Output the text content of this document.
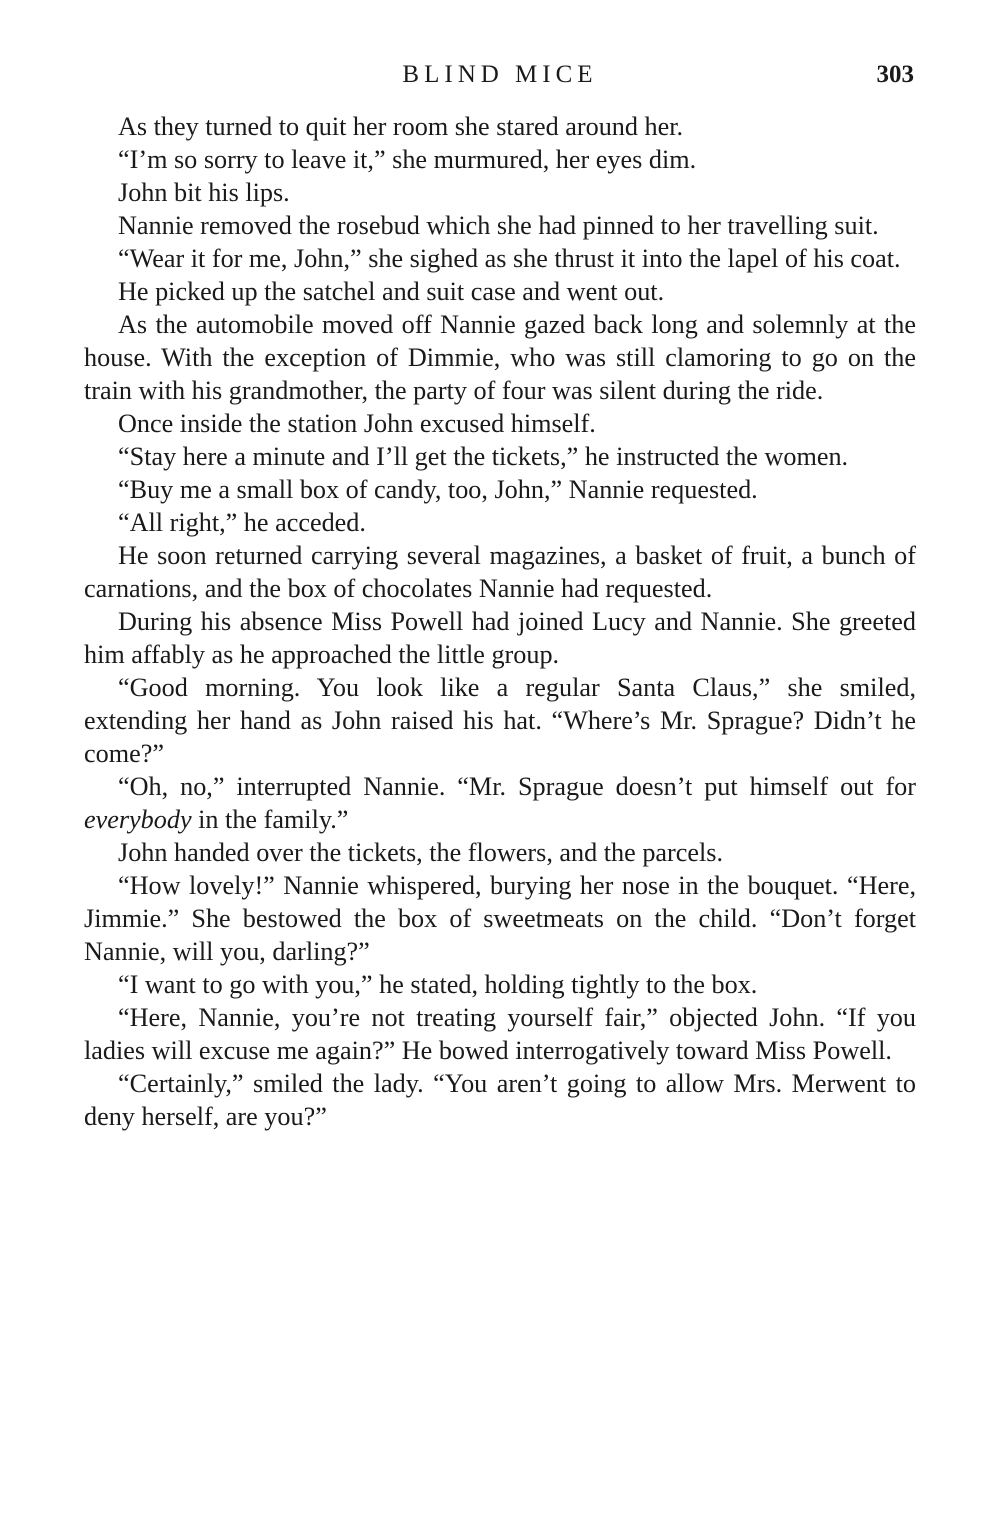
BLIND MICE	303

As they turned to quit her room she stared around her.

“I’m so sorry to leave it,” she murmured, her eyes dim.

John bit his lips.

Nannie removed the rosebud which she had pinned to her travelling suit.

“Wear it for me, John,” she sighed as she thrust it into the lapel of his coat.

He picked up the satchel and suit case and went out.

As the automobile moved off Nannie gazed back long and solemnly at the house. With the exception of Dimmie, who was still clamoring to go on the train with his grandmother, the party of four was silent during the ride.

Once inside the station John excused himself.

“Stay here a minute and I’ll get the tickets,” he instructed the women.

“Buy me a small box of candy, too, John,” Nannie requested.

“All right,” he acceded.

He soon returned carrying several magazines, a basket of fruit, a bunch of carnations, and the box of chocolates Nannie had requested.

During his absence Miss Powell had joined Lucy and Nannie. She greeted him affably as he approached the little group.

“Good morning. You look like a regular Santa Claus,” she smiled, extending her hand as John raised his hat. “Where’s Mr. Sprague? Didn’t he come?”

“Oh, no,” interrupted Nannie. “Mr. Sprague doesn’t put himself out for everybody in the family.”

John handed over the tickets, the flowers, and the parcels.

“How lovely!” Nannie whispered, burying her nose in the bouquet. “Here, Jimmie.” She bestowed the box of sweetmeats on the child. “Don’t forget Nannie, will you, darling?”

“I want to go with you,” he stated, holding tightly to the box.

“Here, Nannie, you’re not treating yourself fair,” objected John. “If you ladies will excuse me again?” He bowed interrogatively toward Miss Powell.

“Certainly,” smiled the lady. “You aren’t going to allow Mrs. Merwent to deny herself, are you?”
